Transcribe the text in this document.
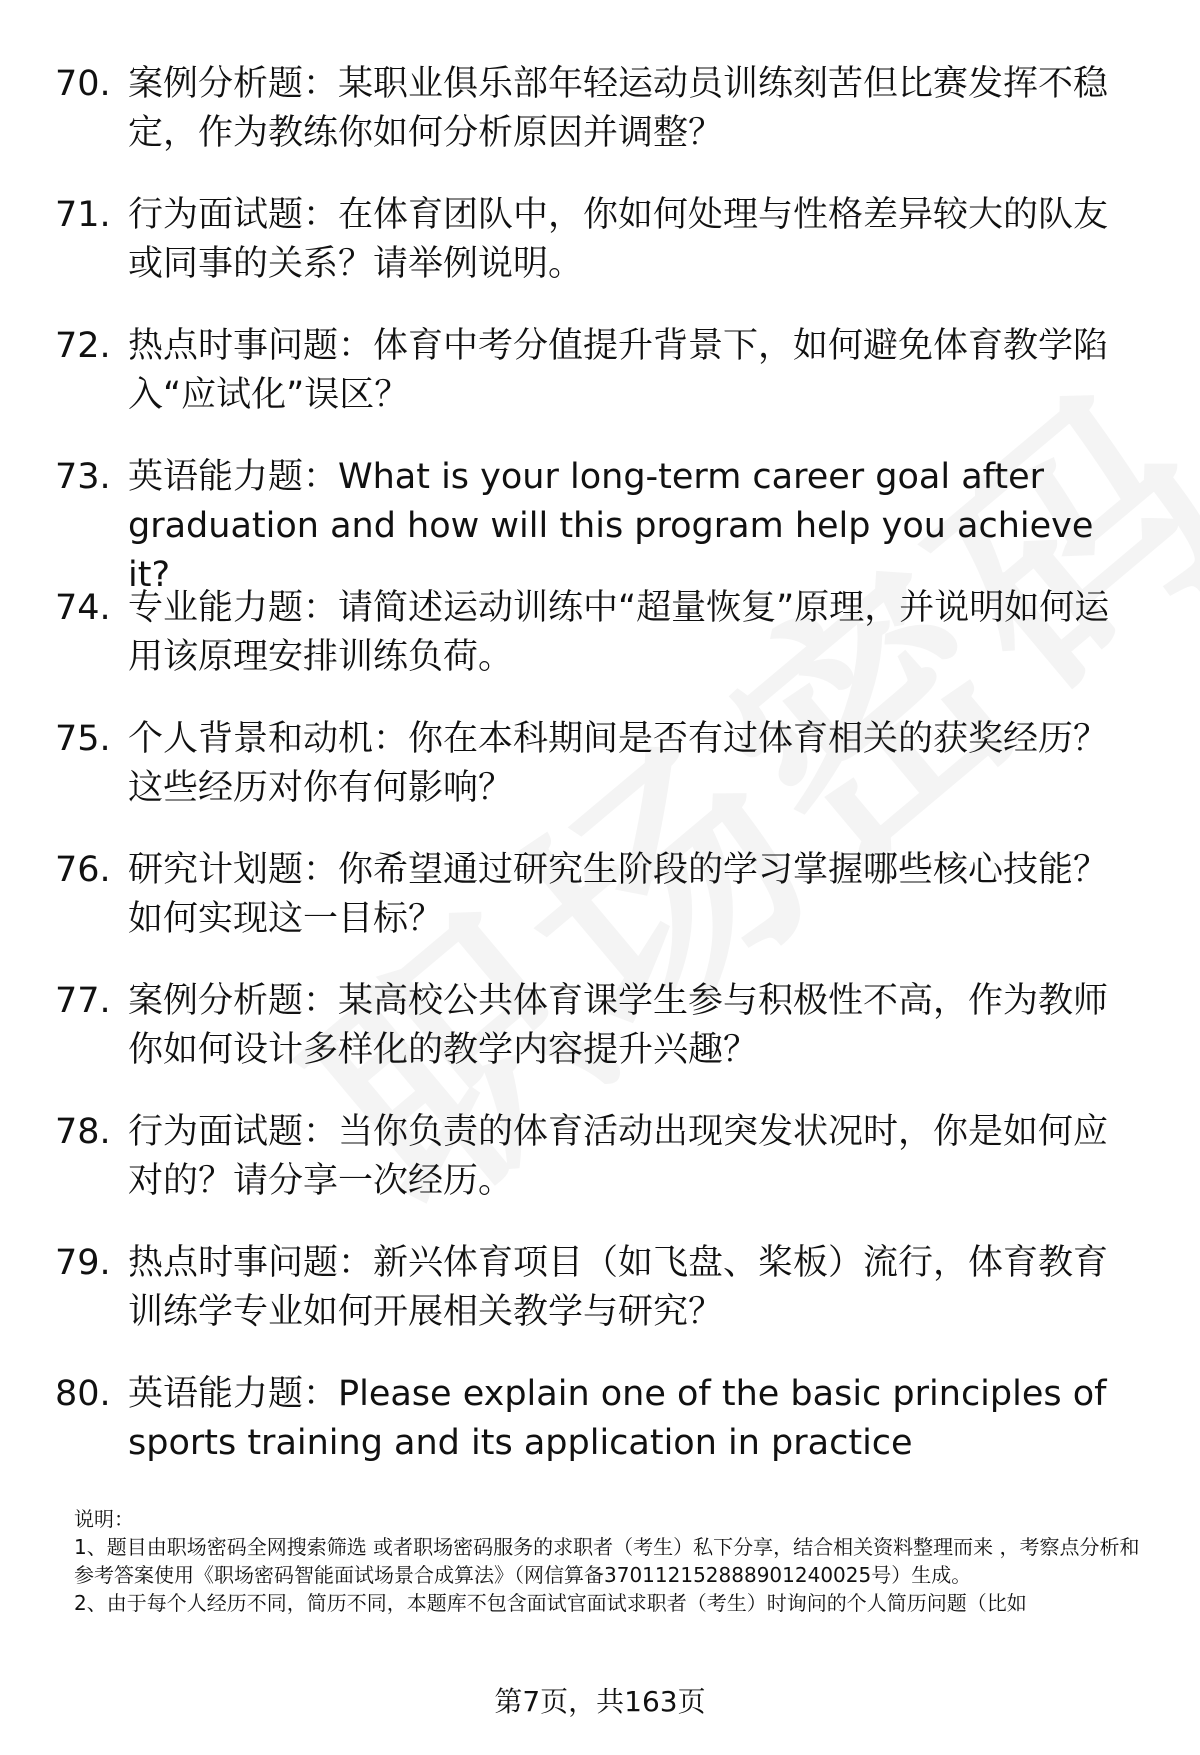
70. 案例分析题：某职业俱乐部年轻运动员训练刻苦但比赛发挥不稳定，作为教练你如何分析原因并调整？
71. 行为面试题：在体育团队中，你如何处理与性格差异较大的队友或同事的关系？请举例说明。
72. 热点时事问题：体育中考分值提升背景下，如何避免体育教学陷入“应试化”误区？
73. 英语能力题：What is your long-term career goal after graduation and how will this program help you achieve it?
74. 专业能力题：请简述运动训练中“超量恢复”原理，并说明如何运用该原理安排训练负荷。
75. 个人背景和动机：你在本科期间是否有过体育相关的获奖经历？这些经历对你有何影响？
76. 研究计划题：你希望通过研究生阶段的学习掌握哪些核心技能？如何实现这一目标？
77. 案例分析题：某高校公共体育课学生参与积极性不高，作为教师你如何设计多样化的教学内容提升兴趣？
78. 行为面试题：当你负责的体育活动出现突发状况时，你是如何应对的？请分享一次经历。
79. 热点时事问题：新兴体育项目（如飞盘、桨板）流行，体育教育训练学专业如何开展相关教学与研究？
80. 英语能力题：Please explain one of the basic principles of sports training and its application in practice

说明：

1、题目由职场密码全网搜索筛选 或者职场密码服务的求职者（考生）私下分享，结合相关资料整理而来 ，考察点分析和参考答案使用《职场密码智能面试场景合成算法》（网信算备370112152888901240025号）生成。

2、由于每个人经历不同，简历不同，本题库不包含面试官面试求职者（考生）时询问的个人简历问题（比如

第7页，共163页
